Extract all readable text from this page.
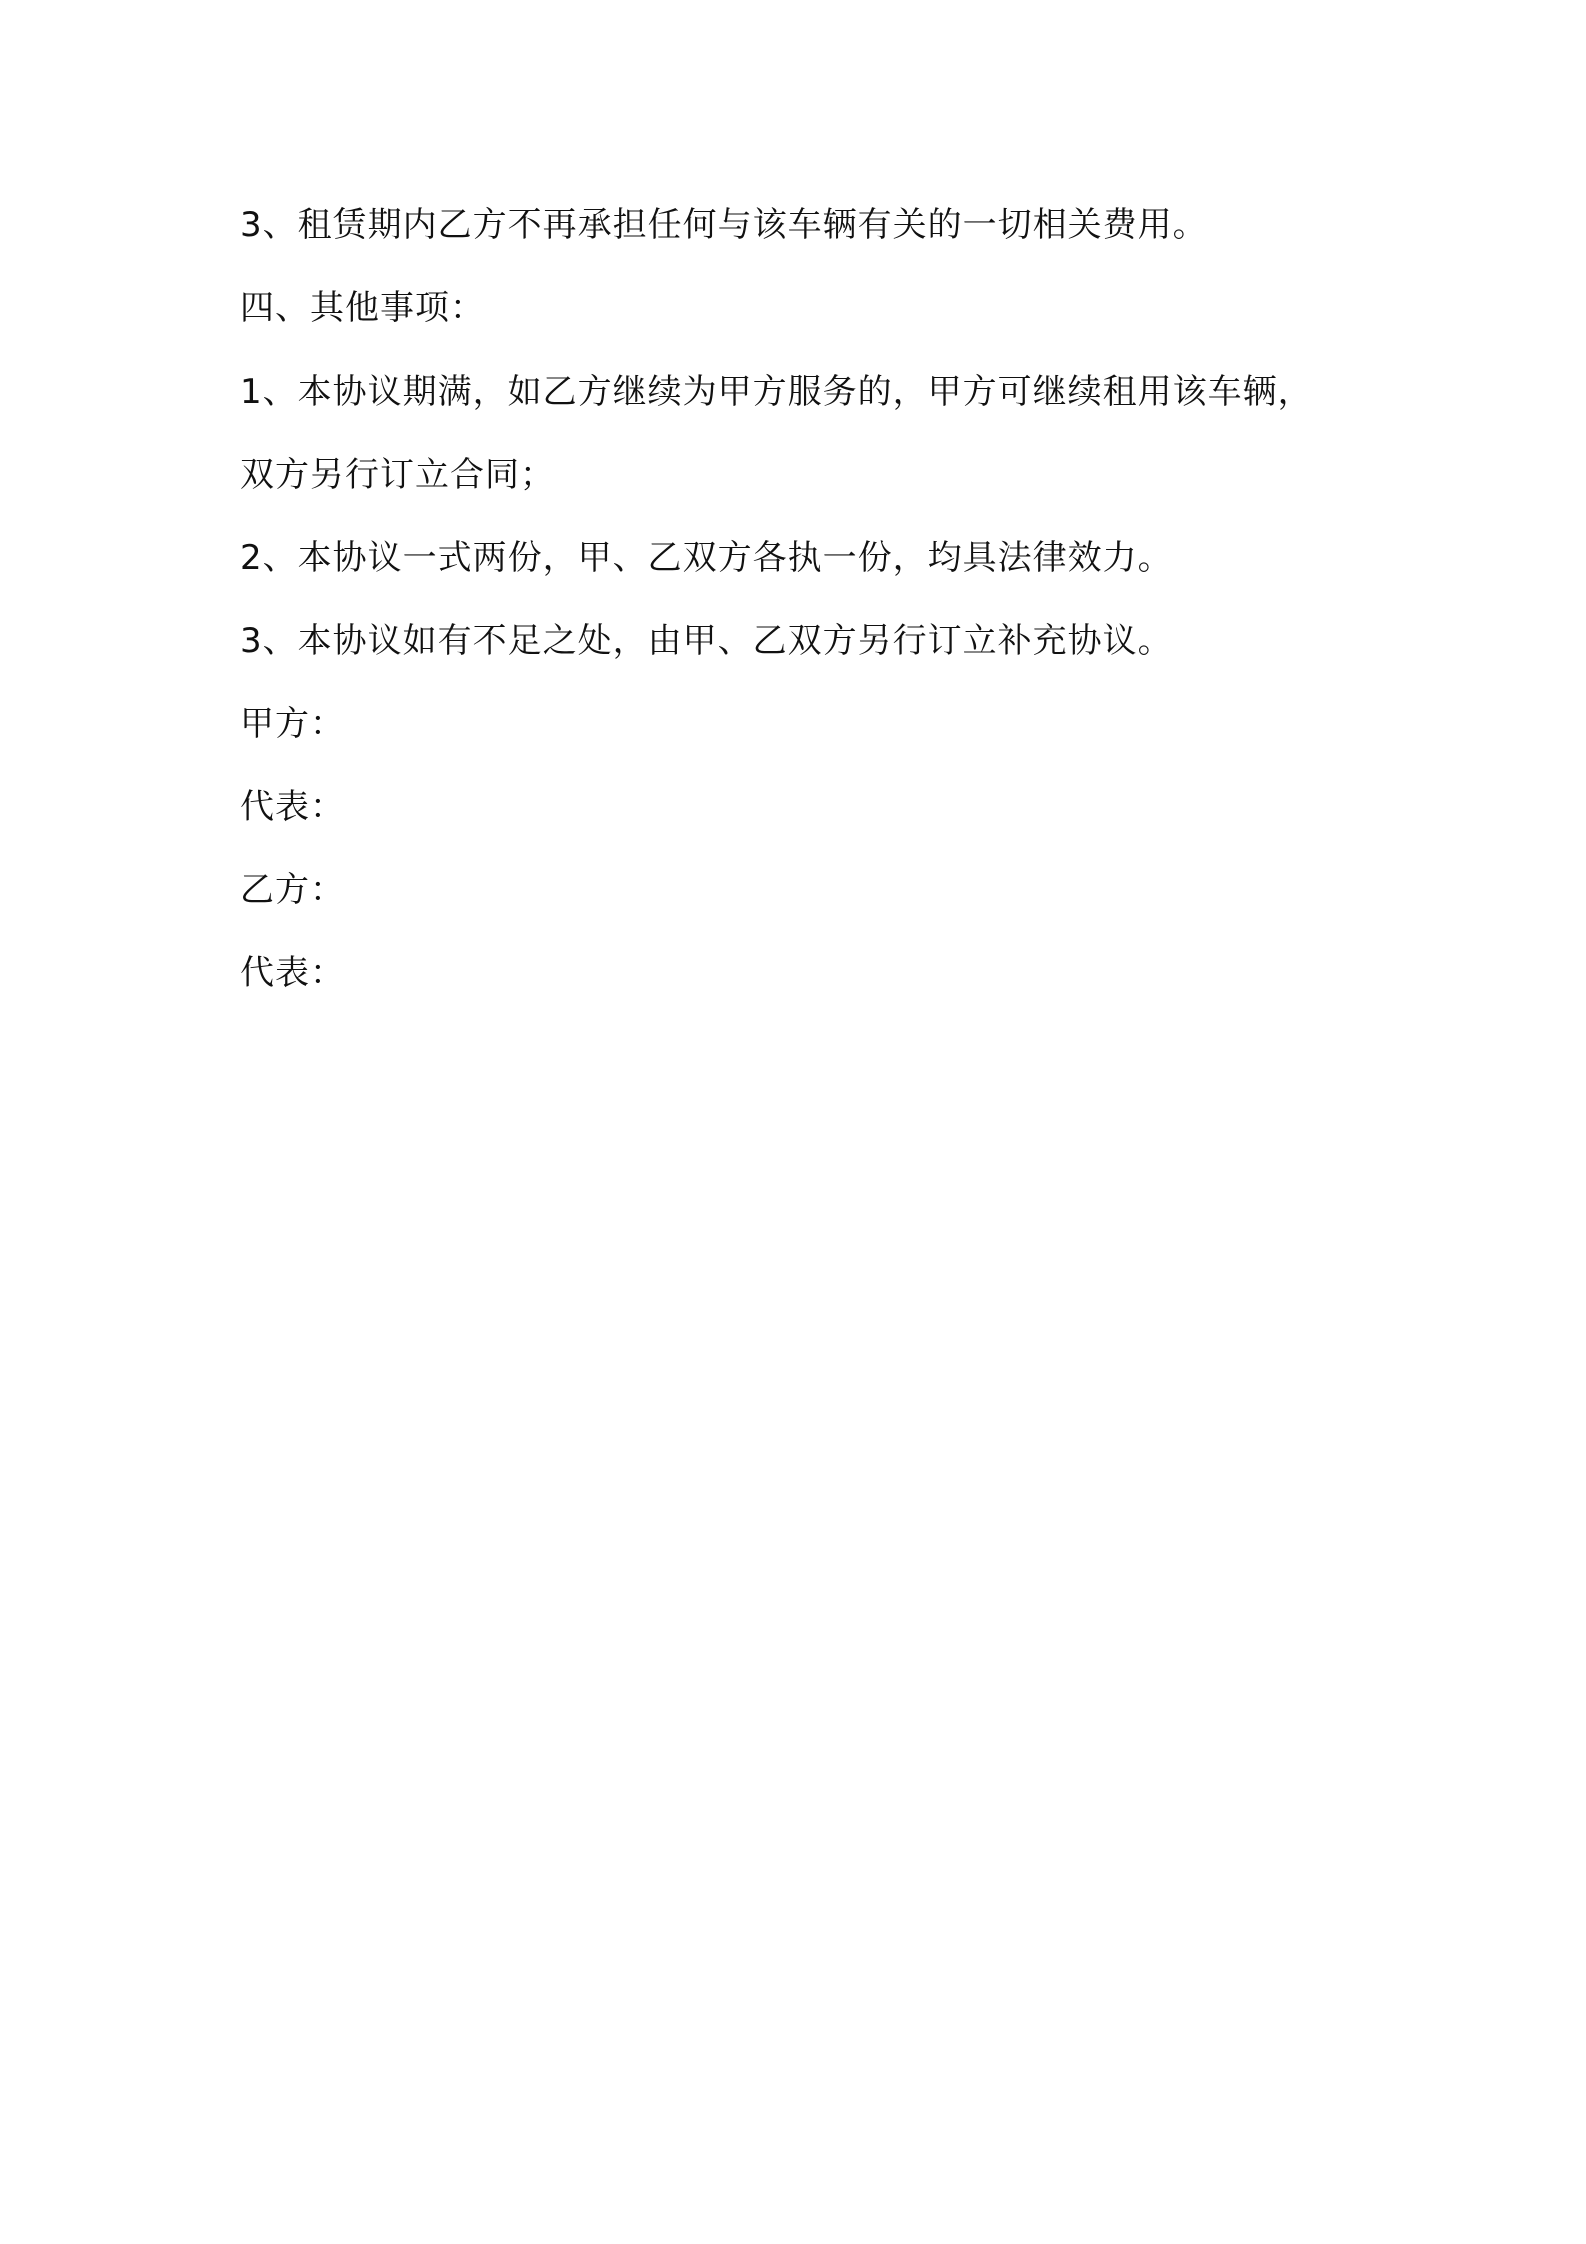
3、租赁期内乙方不再承担任何与该车辆有关的一切相关费用。
四、其他事项：
1、本协议期满，如乙方继续为甲方服务的，甲方可继续租用该车辆，
双方另行订立合同；
2、本协议一式两份，甲、乙双方各执一份，均具法律效力。
3、本协议如有不足之处，由甲、乙双方另行订立补充协议。
甲方：
代表：
乙方：
代表：
